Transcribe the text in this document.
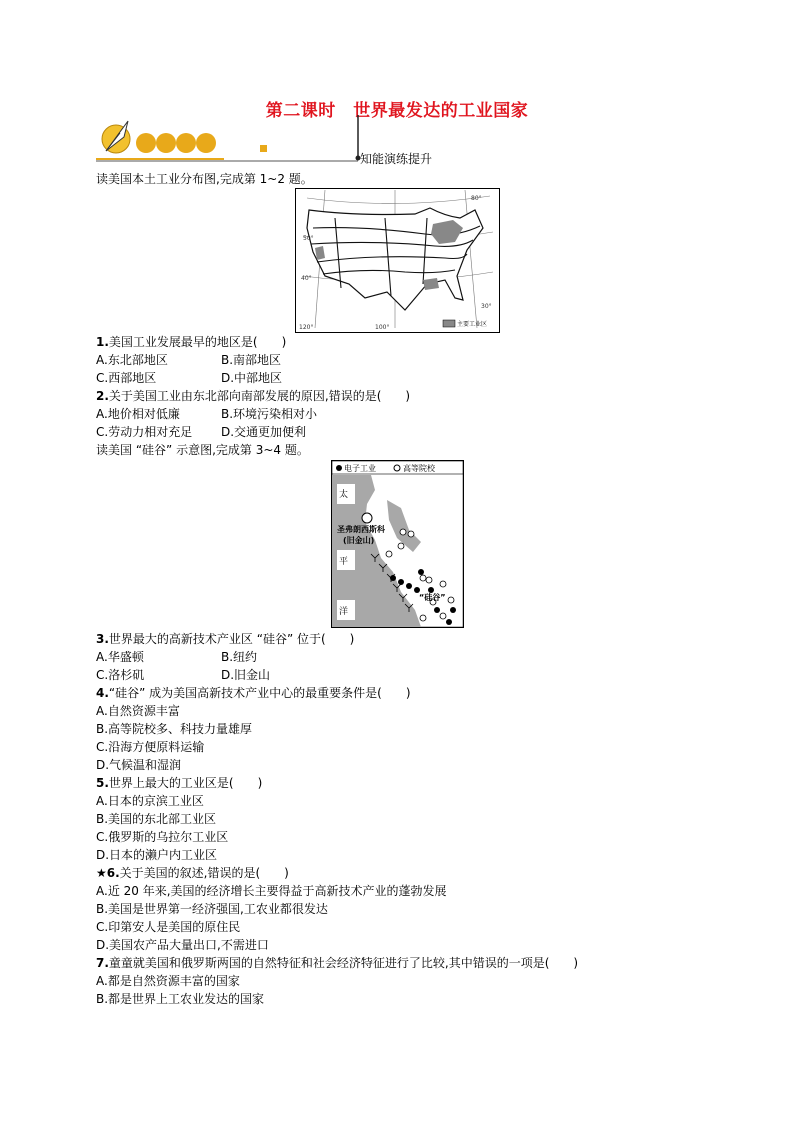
第二课时　世界最发达的工业国家
知能演练提升
读美国本土工业分布图,完成第 1~2 题。
50°
40°
30°
120°	100°
80°
主要工业区
1.美国工业发展最早的地区是(　　)
A.东北部地区	B.南部地区
C.西部地区	D.中部地区
2.关于美国工业由东北部向南部发展的原因,错误的是(　　)
A.地价相对低廉	B.环境污染相对小
C.劳动力相对充足 D.交通更加便利
读美国 “硅谷” 示意图,完成第 3~4 题。
电子工业	高等院校
太
平
洋
圣弗朗西斯科
(旧金山)
“硅谷”
3.世界最大的高新技术产业区 “硅谷” 位于(　　)
A.华盛顿	B.纽约
C.洛杉矶	D.旧金山
4.“硅谷” 成为美国高新技术产业中心的最重要条件是(　　)
A.自然资源丰富
B.高等院校多、科技力量雄厚
C.沿海方便原料运输
D.气候温和湿润
5.世界上最大的工业区是(　　)
A.日本的京滨工业区
B.美国的东北部工业区
C.俄罗斯的乌拉尔工业区
D.日本的濑户内工业区
★6.关于美国的叙述,错误的是(　　)
A.近 20 年来,美国的经济增长主要得益于高新技术产业的蓬勃发展
B.美国是世界第一经济强国,工农业都很发达
C.印第安人是美国的原住民
D.美国农产品大量出口,不需进口
7.童童就美国和俄罗斯两国的自然特征和社会经济特征进行了比较,其中错误的一项是(　　)
A.都是自然资源丰富的国家
B.都是世界上工农业发达的国家
